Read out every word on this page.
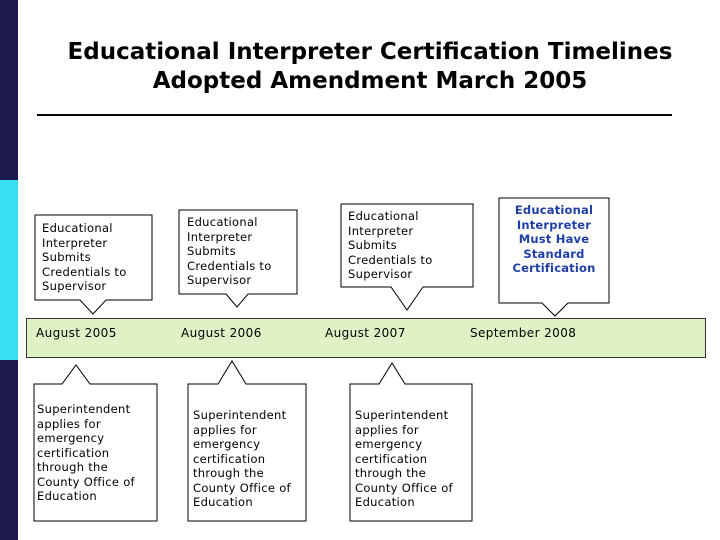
Educational Interpreter Certification Timelines
Adopted Amendment March 2005
August 2005	August 2006	August 2007	September 2008
Educational Interpreter Submits Credentials to Supervisor
Educational Interpreter Submits Credentials to Supervisor
Educational Interpreter Submits Credentials to Supervisor
Educational Interpreter Must Have Standard Certification
Superintendent applies for emergency certification through the County Office of Education
Superintendent applies for emergency certification through the County Office of Education
Superintendent applies for emergency certification through the County Office of Education
